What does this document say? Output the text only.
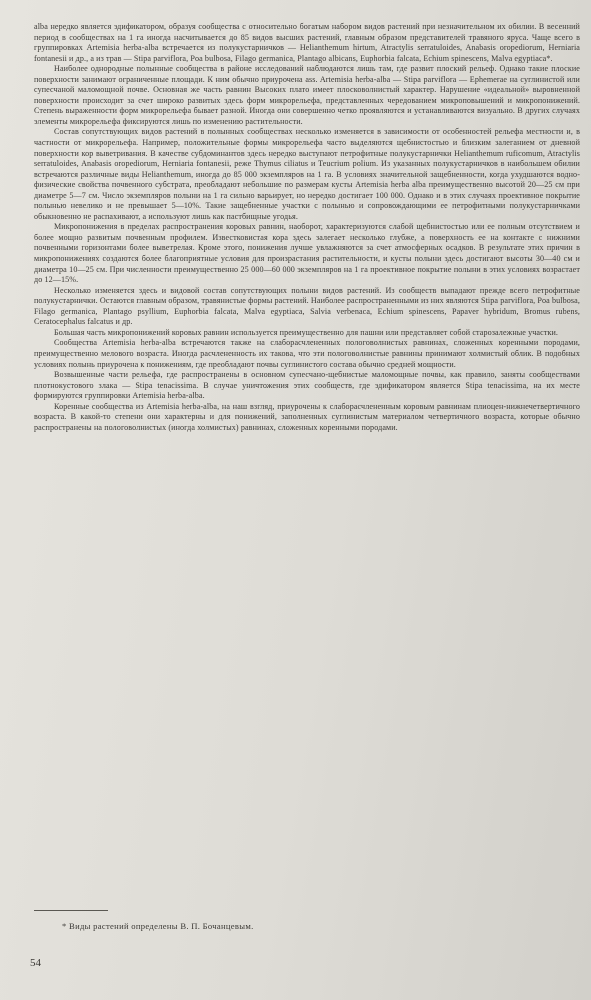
alba нередко является эдификатором, образуя сообщества с относительно богатым набором видов растений при незначительном их обилии. В весенний период в сообществах на 1 га иногда насчитывается до 85 видов высших растений, главным образом представителей травяного яруса. Чаще всего в группировках Artemisia herba-alba встречается из полукустарничков — Helianthemum hirtum, Atractylis serratuloides, Anabasis oropediorum, Herniaria fontanesii и др., а из трав — Stipa parviflora, Poa bulbosa, Filago germanica, Plantago albicans, Euphorbia falcata, Echium spinescens, Malva egyptiaca*.

Наиболее однородные полынные сообщества в районе исследований наблюдаются лишь там, где развит плоский рельеф. Однако такие плоские поверхности занимают ограниченные площади. К ним обычно приурочена ass. Artemisia herba-alba — Stipa parviflora — Ephemerae на суглинистой или супесчаной маломощной почве. Основная же часть равнин Высоких плато имеет плосковолнистый характер. Нарушение «идеальной» выровненной поверхности происходит за счет широко развитых здесь форм микрорельефа, представленных чередованием микроповышений и микропонижений. Степень выраженности форм микрорельефа бывает разной. Иногда они совершенно четко проявляются и устанавливаются визуально. В других случаях элементы микрорельефа фиксируются лишь по изменению растительности.

Состав сопутствующих видов растений в полынных сообществах несколько изменяется в зависимости от особенностей рельефа местности и, в частности от микрорельефа. Например, положительные формы микрорельефа часто выделяются щебнистостью и близким залеганием от дневной поверхности кор выветривания. В качестве субдоминантов здесь нередко выступают петрофитные полукустарнички Helianthemum ruficomum, Atractylis serratuloides, Anabasis oropediorum, Herniaria fontanesii, реже Thymus ciliatus и Teucrium polium. Из указанных полукустарничков в наибольшем обилии встречаются различные виды Helianthemum, иногда до 85 000 экземпляров на 1 га. В условиях значительной защебненности, когда ухудшаются водно-физические свойства почвенного субстрата, преобладают небольшие по размерам кусты Artemisia herba alba преимущественно высотой 20—25 см при диаметре 5—7 см. Число экземпляров полыни на 1 га сильно варьирует, но нередко достигает 100 000. Однако и в этих случаях проективное покрытие полынью невелико и не превышает 5—10%. Такие защебненные участки с полынью и сопровождающими ее петрофитными полукустарничками обыкновенно не распахивают, а используют лишь как пастбищные угодья.

Микропонижения в пределах распространения коровых равнин, наоборот, характеризуются слабой щебнистостью или ее полным отсутствием и более мощно развитым почвенным профилем. Известковистая кора здесь залегает несколько глубже, а поверхность ее на контакте с нижними почвенными горизонтами более выветрелая. Кроме этого, понижения лучше увлажняются за счет атмосферных осадков. В результате этих причин в микропонижениях создаются более благоприятные условия для произрастания растительности, и кусты полыни здесь достигают высоты 30—40 см и диаметра 10—25 см. При численности преимущественно 25 000—60 000 экземпляров на 1 га проективное покрытие полыни в этих условиях возрастает до 12—15%.

Несколько изменяется здесь и видовой состав сопутствующих полыни видов растений. Из сообществ выпадают прежде всего петрофитные полукустарнички. Остаются главным образом, травянистые формы растений. Наиболее распространенными из них являются Stipa parviflora, Poa bulbosa, Filago germanica, Plantago psyllium, Euphorbia falcata, Malva egyptiaca, Salvia verbenaca, Echium spinescens, Papaver hybridum, Bromus rubens, Ceratocephalus falcatus и др.

Большая часть микропонижений коровых равнин используется преимущественно для пашни или представляет собой старозалежные участки.

Сообщества Artemisia herba-alba встречаются также на слаборасчлененных пологоволнистых равнинах, сложенных коренными породами, преимущественно мелового возраста. Иногда расчлененность их такова, что эти пологоволнистые равнины принимают холмистый облик. В подобных условиях полынь приурочена к понижениям, где преобладают почвы суглинистого состава обычно средней мощности.

Возвышенные части рельефа, где распространены в основном супесчано-щебнистые маломощные почвы, как правило, заняты сообществами плотнокустового злака — Stipa tenacissima. В случае уничтожения этих сообществ, где эдификатором является Stipa tenacissima, на их месте формируются группировки Artemisia herba-alba.

Коренные сообщества из Artemisia herba-alba, на наш взгляд, приурочены к слаборасчлененным коровым равнинам плиоцен-нижнечетвертичного возраста. В какой-то степени они характерны и для понижений, заполненных суглинистым материалом четвертичного возраста, которые обычно распространены на пологоволнистых (иногда холмистых) равнинах, сложенных коренными породами.

* Виды растений определены В. П. Бочанцевым.
54
